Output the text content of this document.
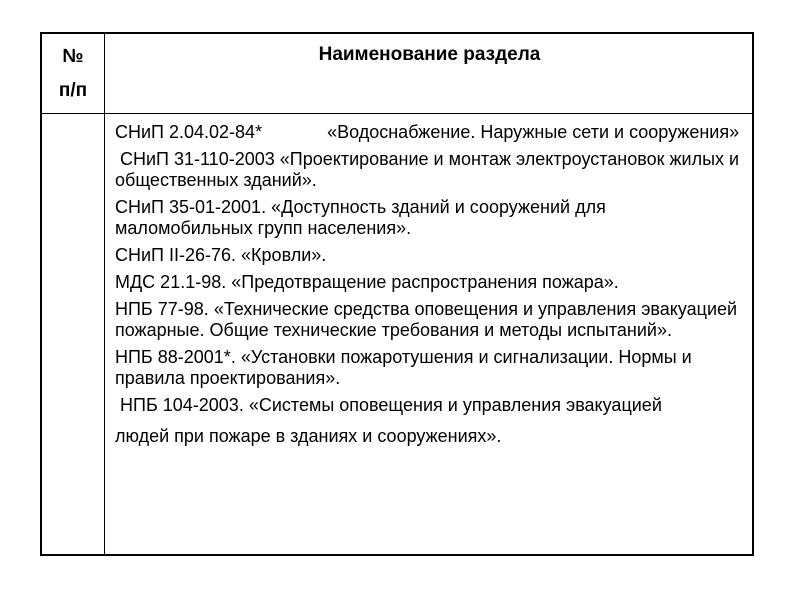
№
п/п
Наименование раздела

СНиП 2.04.02-84*	«Водоснабжение. Наружные сети и сооружения»

СНиП 31-110-2003 «Проектирование и монтаж электроустановок жилых и общественных зданий».

СНиП 35-01-2001. «Доступность зданий и сооружений для маломобильных групп населения».

СНиП II-26-76. «Кровли».

МДС 21.1-98. «Предотвращение распространения пожара».

НПБ 77-98. «Технические средства оповещения и управления эвакуацией пожарные. Общие технические требования и методы испытаний».

НПБ 88-2001*. «Установки пожаротушения и сигнализации. Нормы и правила проектирования».

НПБ 104-2003. «Системы оповещения и управления эвакуацией

людей при пожаре в зданиях и сооружениях».
